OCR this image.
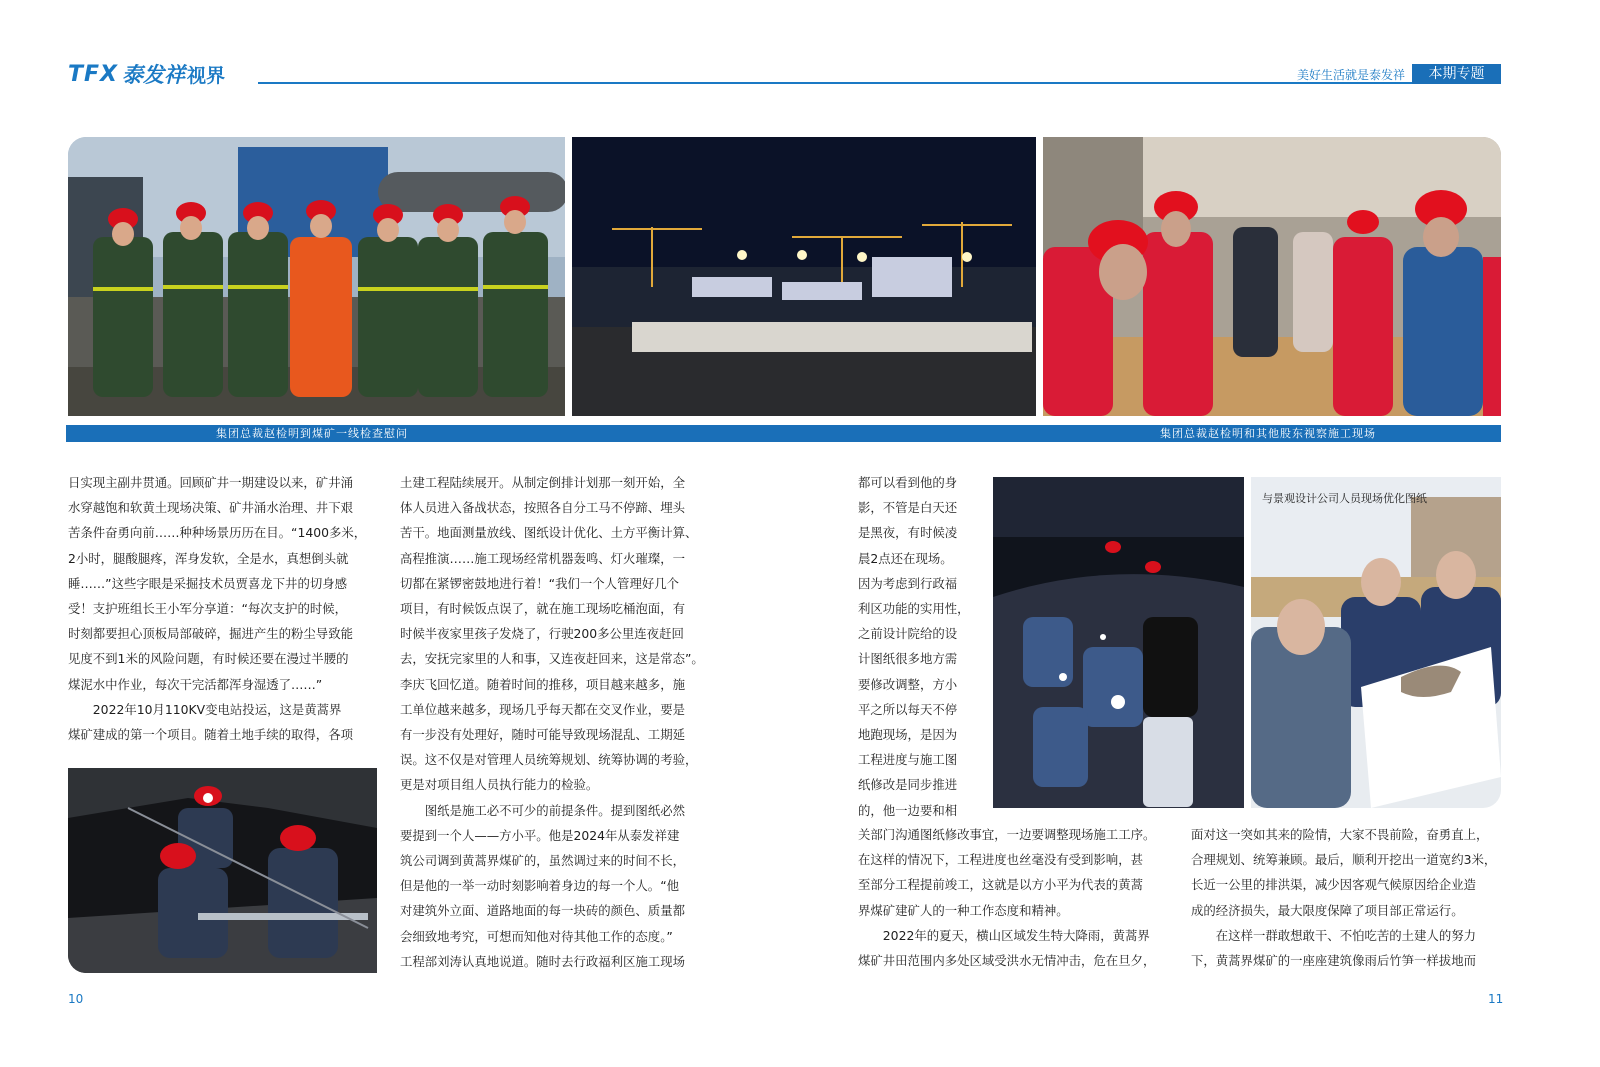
TFX 泰发祥 视界	美好生活就是泰发祥	本期专题
集团总裁赵检明到煤矿一线检查慰问	集团总裁赵检明和其他股东视察施工现场

日实现主副井贯通。回顾矿井一期建设以来，矿井涌
水穿越饱和软黄土现场决策、矿井涌水治理、井下艰
苦条件奋勇向前……种种场景历历在目。“1400多米，
2小时，腿酸腿疼，浑身发软，全是水，真想倒头就
睡……”这些字眼是采掘技术员贾喜龙下井的切身感
受！支护班组长王小军分享道：“每次支护的时候，
时刻都要担心顶板局部破碎，掘进产生的粉尘导致能
见度不到1米的风险问题，有时候还要在漫过半腰的
煤泥水中作业，每次干完活都浑身湿透了……”

2022年10月110KV变电站投运，这是黄蒿界

煤矿建成的第一个项目。随着土地手续的取得，各项

土建工程陆续展开。从制定倒排计划那一刻开始，全
体人员进入备战状态，按照各自分工马不停蹄、埋头
苦干。地面测量放线、图纸设计优化、土方平衡计算、
高程推演……施工现场经常机器轰鸣、灯火璀璨，一
切都在紧锣密鼓地进行着！“我们一个人管理好几个
项目，有时候饭点误了，就在施工现场吃桶泡面，有
时候半夜家里孩子发烧了，行驶200多公里连夜赶回
去，安抚完家里的人和事，又连夜赶回来，这是常态”。
李庆飞回忆道。随着时间的推移，项目越来越多，施
工单位越来越多，现场几乎每天都在交叉作业，要是
有一步没有处理好，随时可能导致现场混乱、工期延
误。这不仅是对管理人员统筹规划、统筹协调的考验，
更是对项目组人员执行能力的检验。

图纸是施工必不可少的前提条件。提到图纸必然

要提到一个人——方小平。他是2024年从泰发祥建
筑公司调到黄蒿界煤矿的，虽然调过来的时间不长，
但是他的一举一动时刻影响着身边的每一个人。“他
对建筑外立面、道路地面的每一块砖的颜色、质量都
会细致地考究，可想而知他对待其他工作的态度。”
工程部刘涛认真地说道。随时去行政福利区施工现场

都可以看到他的身
影，不管是白天还
是黑夜，有时候凌
晨2点还在现场。
因为考虑到行政福
利区功能的实用性，
之前设计院给的设
计图纸很多地方需
要修改调整，方小
平之所以每天不停
地跑现场，是因为
工程进度与施工图
纸修改是同步推进
的，他一边要和相

与景观设计公司人员现场优化图纸

关部门沟通图纸修改事宜，一边要调整现场施工工序。
在这样的情况下，工程进度也丝毫没有受到影响，甚
至部分工程提前竣工，这就是以方小平为代表的黄蒿
界煤矿建矿人的一种工作态度和精神。

2022年的夏天，横山区域发生特大降雨，黄蒿界

煤矿井田范围内多处区域受洪水无情冲击，危在旦夕，

面对这一突如其来的险情，大家不畏前险，奋勇直上，
合理规划、统筹兼顾。最后，顺利开挖出一道宽约3米，
长近一公里的排洪渠，减少因客观气候原因给企业造
成的经济损失，最大限度保障了项目部正常运行。

在这样一群敢想敢干、不怕吃苦的土建人的努力

下，黄蒿界煤矿的一座座建筑像雨后竹笋一样拔地而

10	11
